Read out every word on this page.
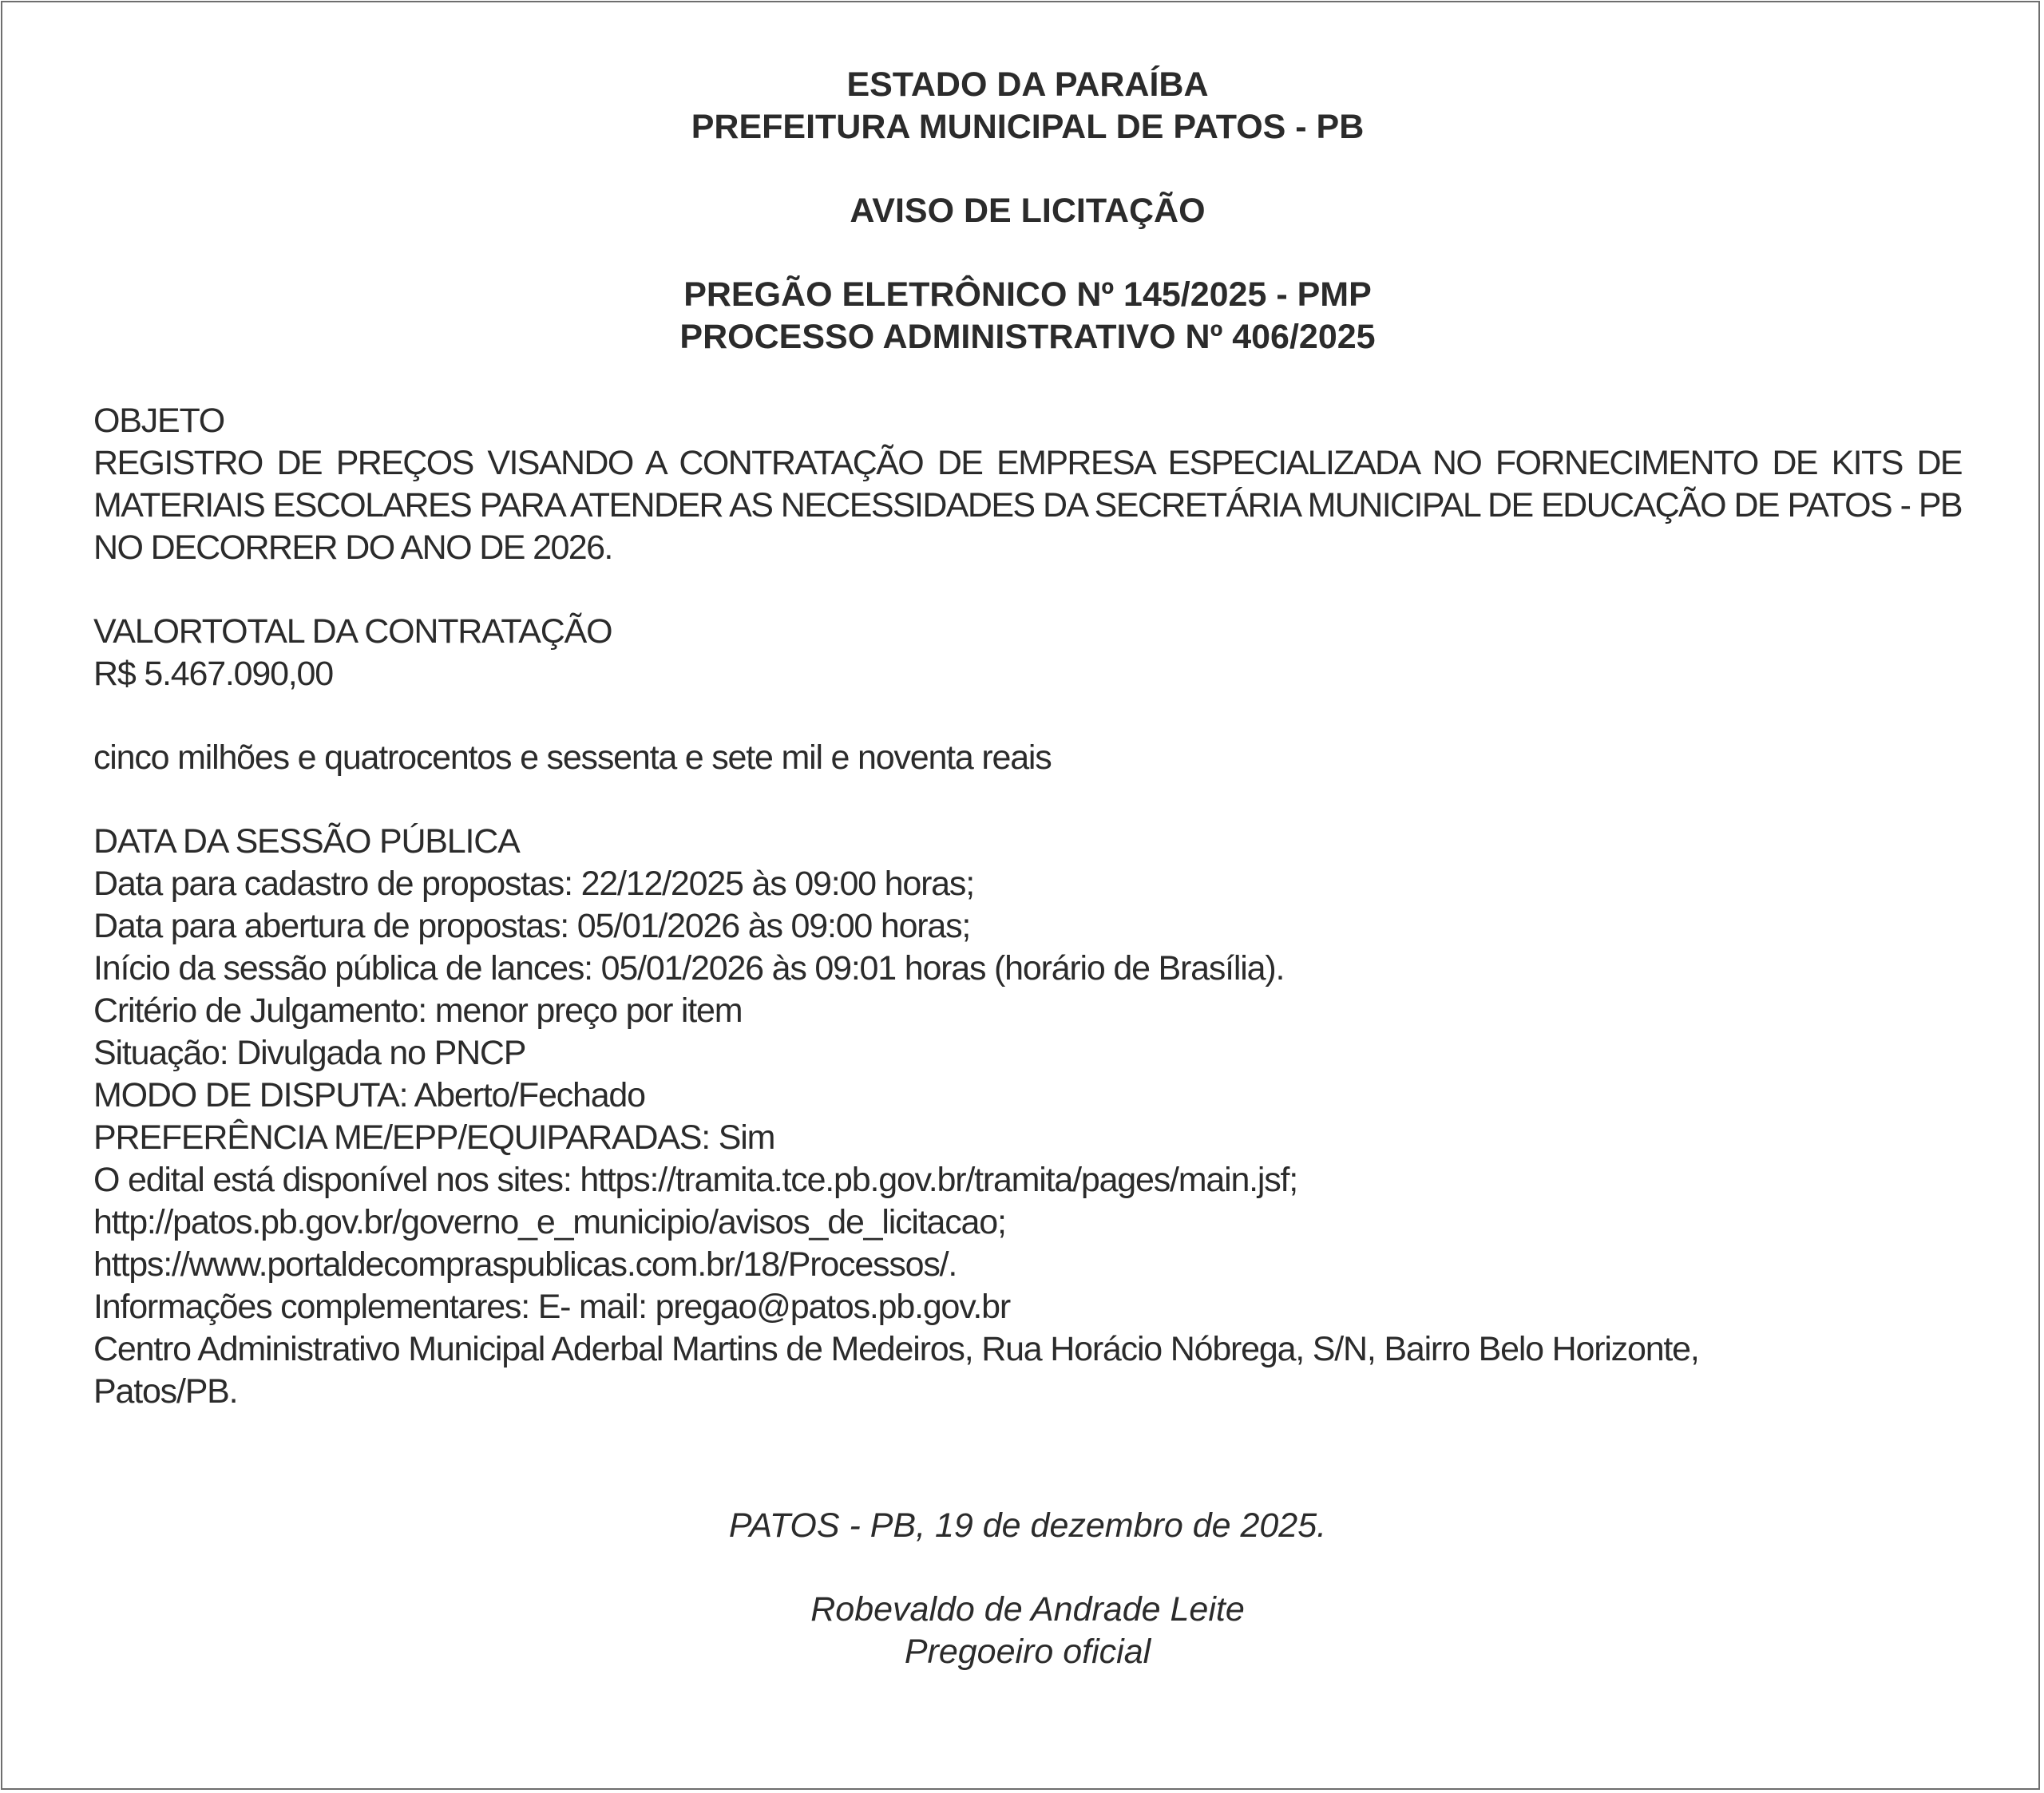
ESTADO DA PARAÍBA
PREFEITURA MUNICIPAL DE PATOS - PB
AVISO DE LICITAÇÃO
PREGÃO ELETRÔNICO Nº 145/2025 - PMP
PROCESSO ADMINISTRATIVO Nº 406/2025
OBJETO
REGISTRO DE PREÇOS VISANDO A CONTRATAÇÃO DE EMPRESA ESPECIALIZADA NO FORNECIMENTO DE KITS DE MATERIAIS ESCOLARES PARA ATENDER AS NECESSIDADES DA SECRETÁRIA MUNICIPAL DE EDUCAÇÃO DE PATOS - PB NO DECORRER DO ANO DE 2026.
VALORTOTAL DA CONTRATAÇÃO
R$ 5.467.090,00
cinco milhões e quatrocentos e sessenta e sete mil e noventa reais
DATA DA SESSÃO PÚBLICA
Data para cadastro de propostas: 22/12/2025 às 09:00 horas;
Data para abertura de propostas: 05/01/2026 às 09:00 horas;
Início da sessão pública de lances: 05/01/2026 às 09:01 horas (horário de Brasília).
Critério de Julgamento: menor preço por item
Situação: Divulgada no PNCP
MODO DE DISPUTA: Aberto/Fechado
PREFERÊNCIA ME/EPP/EQUIPARADAS: Sim
O edital está disponível nos sites: https://tramita.tce.pb.gov.br/tramita/pages/main.jsf;
http://patos.pb.gov.br/governo_e_municipio/avisos_de_licitacao;
https://www.portaldecompraspublicas.com.br/18/Processos/.
Informações complementares: E- mail: pregao@patos.pb.gov.br
Centro Administrativo Municipal Aderbal Martins de Medeiros, Rua Horácio Nóbrega, S/N, Bairro Belo Horizonte,
Patos/PB.
PATOS - PB, 19 de dezembro de 2025.
Robevaldo de Andrade Leite
Pregoeiro oficial
